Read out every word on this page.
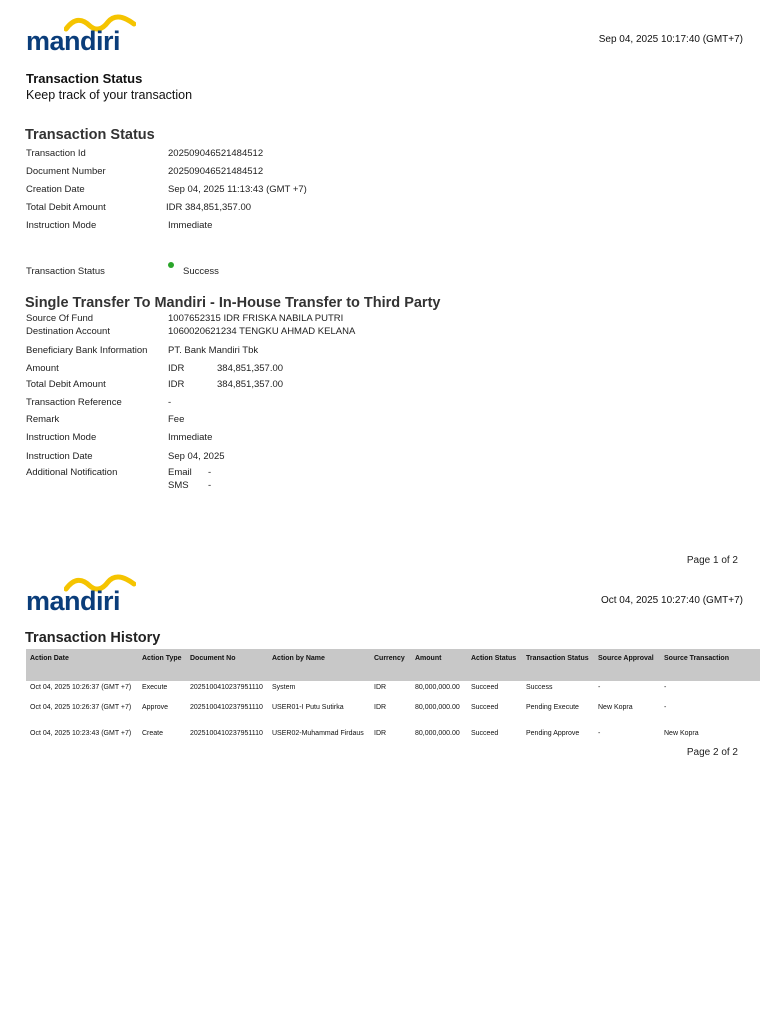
mandiri	Sep 04, 2025 10:17:40 (GMT+7)
Transaction Status
Keep track of your transaction
Transaction Status
Transaction Id	202509046521484512
Document Number	202509046521484512
Creation Date	Sep 04, 2025 11:13:43 (GMT +7)
Total Debit Amount	IDR 384,851,357.00
Instruction Mode	Immediate
Transaction Status	Success
Single Transfer To Mandiri - In-House Transfer to Third Party
Source Of Fund	1007652315 IDR FRISKA NABILA PUTRI
Destination Account	1060020621234 TENGKU AHMAD KELANA
Beneficiary Bank Information PT. Bank Mandiri Tbk
Amount	IDR	384,851,357.00
Total Debit Amount	IDR	384,851,357.00
Transaction Reference	-
Remark	Fee
Instruction Mode	Immediate
Instruction Date	Sep 04, 2025
Additional Notification	Email -
SMS -
Page 1 of 2
mandiri	Oct 04, 2025 10:27:40 (GMT+7)
Transaction History
Action Date	Action Type	Document No	Action by Name	Currency	Amount	Action Status	Transaction Status	Source Approval	Source Transaction
Oct 04, 2025 10:26:37 (GMT +7)	Execute	2025100410237951110	System	IDR	80,000,000.00	Succeed	Success	-	-
Oct 04, 2025 10:26:37 (GMT +7)	Approve	2025100410237951110	USER01-I Putu Sutirka	IDR	80,000,000.00	Succeed	Pending Execute	New Kopra	-
Oct 04, 2025 10:23:43 (GMT +7)	Create	2025100410237951110	USER02-Muhammad Firdaus	IDR	80,000,000.00	Succeed	Pending Approve	-	New Kopra
Page 2 of 2
